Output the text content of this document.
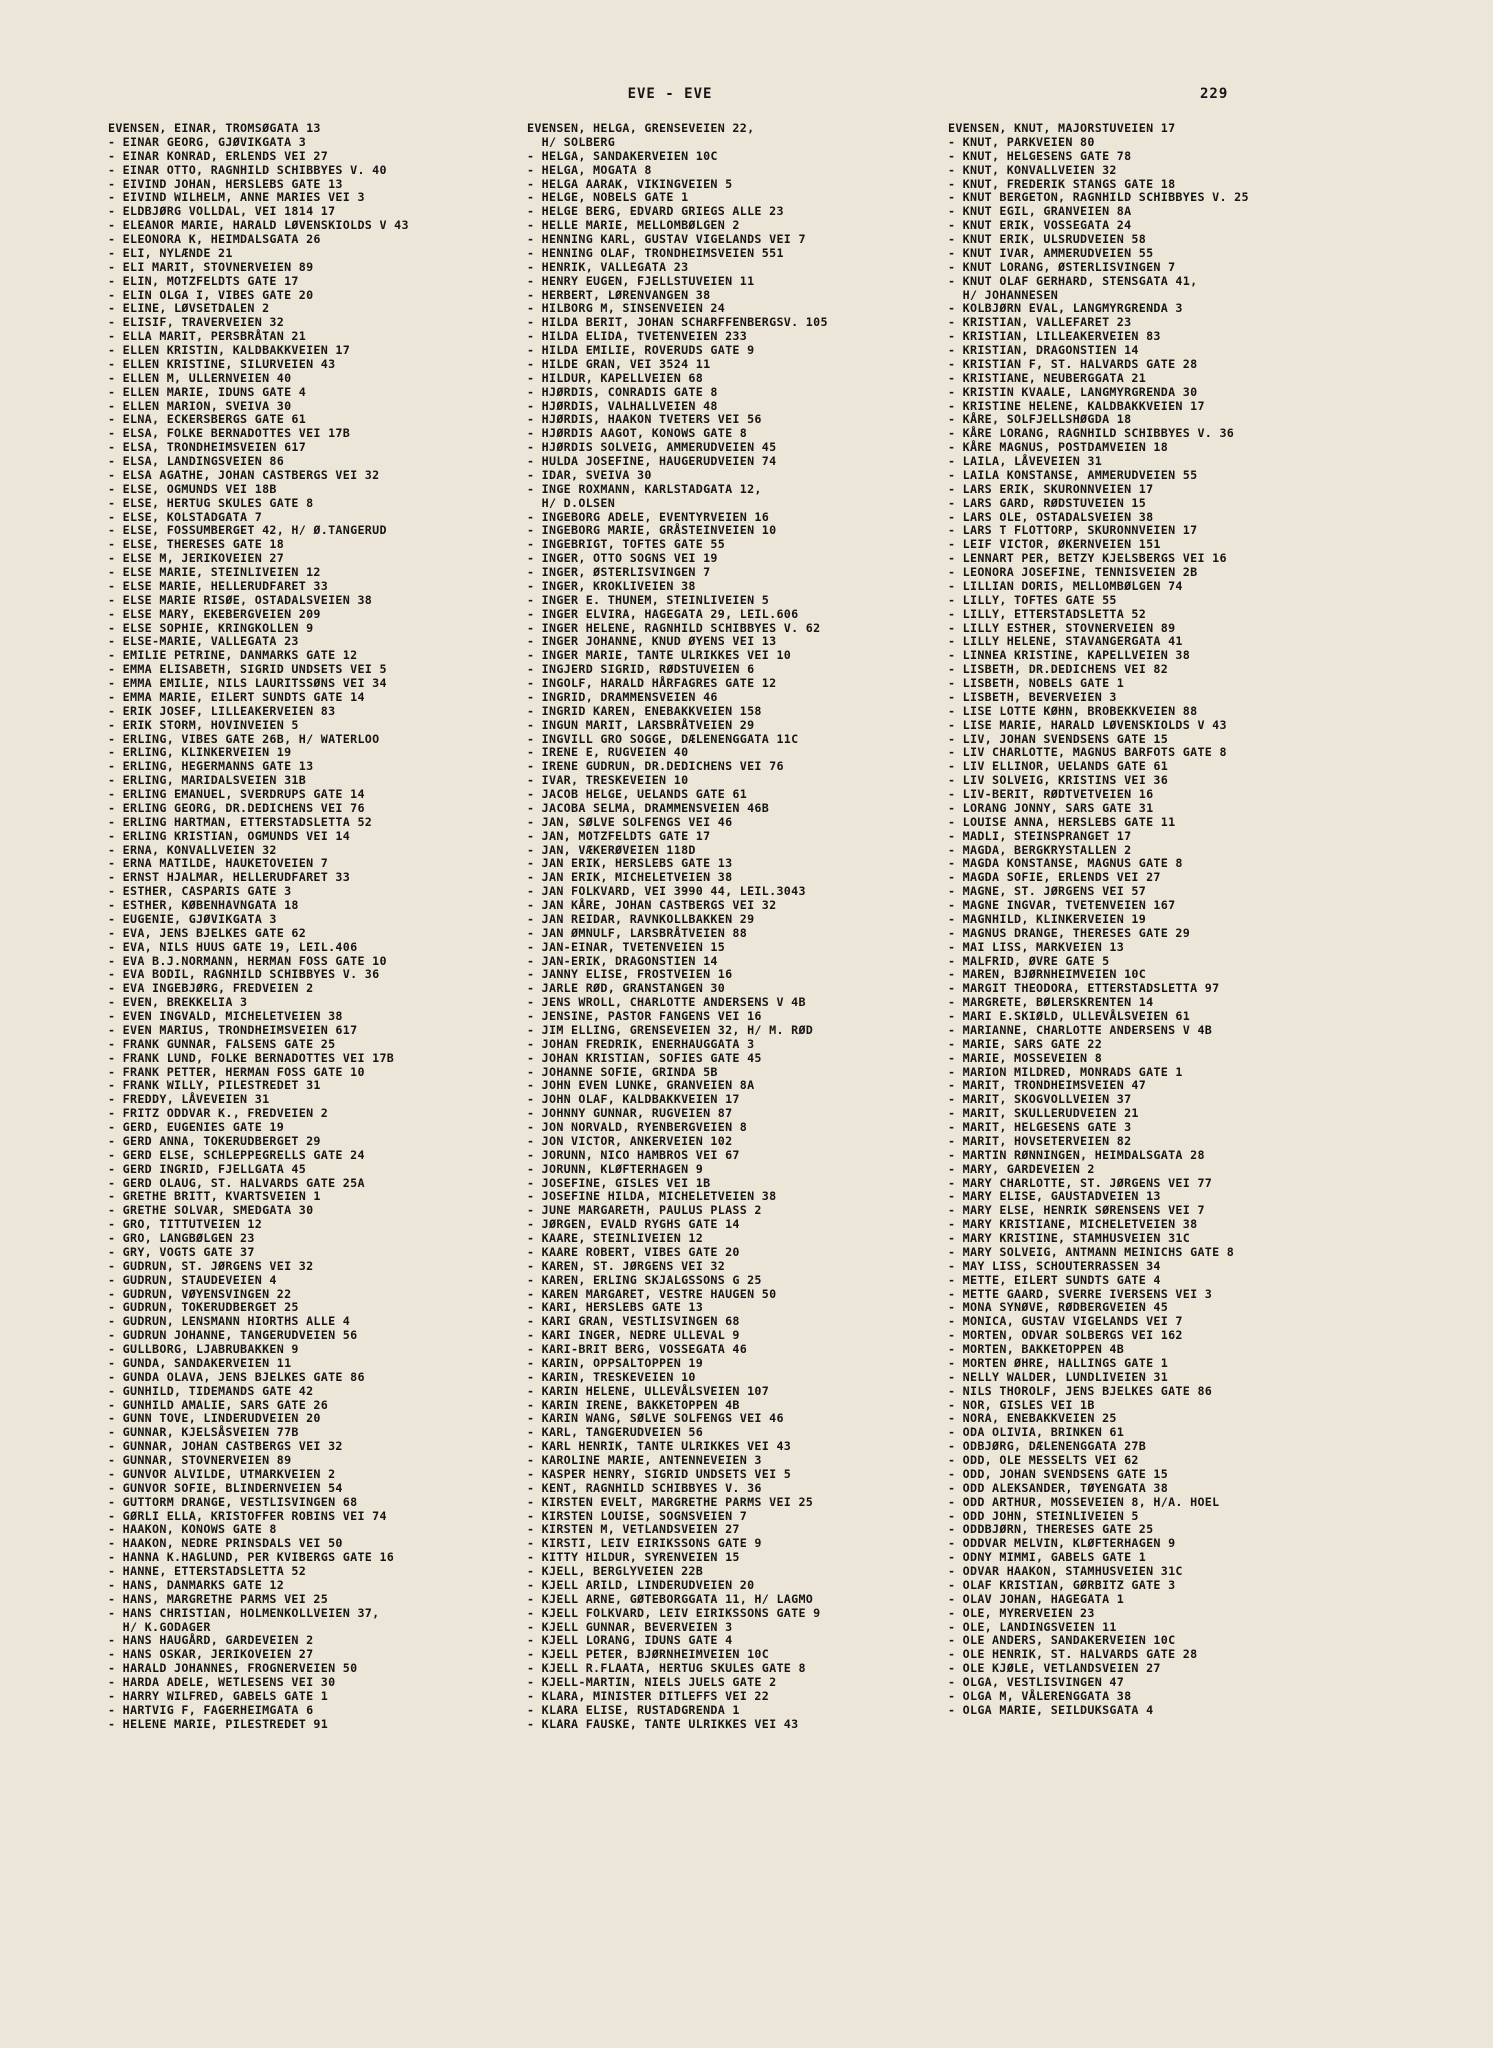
EVE - EVE	229
EVENSEN, EINAR, TROMSØGATA 13
- EINAR GEORG, GJØVIKGATA 3
- EINAR KONRAD, ERLENDS VEI 27
- EINAR OTTO, RAGNHILD SCHIBBYES V. 40
- EIVIND JOHAN, HERSLEBS GATE 13
- EIVIND WILHELM, ANNE MARIES VEI 3
- ELDBJØRG VOLLDAL, VEI 1814 17
- ELEANOR MARIE, HARALD LØVENSKIOLDS V 43
- ELEONORA K, HEIMDALSGATA 26
- ELI, NYLÆNDE 21
- ELI MARIT, STOVNERVEIEN 89
- ELIN, MOTZFELDTS GATE 17
- ELIN OLGA I, VIBES GATE 20
- ELINE, LØVSETDALEN 2
- ELISIF, TRAVERVEIEN 32
- ELLA MARIT, PERSBRÅTAN 21
- ELLEN KRISTIN, KALDBAKKVEIEN 17
- ELLEN KRISTINE, SILURVEIEN 43
- ELLEN M, ULLERNVEIEN 40
- ELLEN MARIE, IDUNS GATE 4
- ELLEN MARION, SVEIVA 30
- ELNA, ECKERSBERGS GATE 61
- ELSA, FOLKE BERNADOTTES VEI 17B
- ELSA, TRONDHEIMSVEIEN 617
- ELSA, LANDINGSVEIEN 86
- ELSA AGATHE, JOHAN CASTBERGS VEI 32
- ELSE, OGMUNDS VEI 18B
- ELSE, HERTUG SKULES GATE 8
- ELSE, KOLSTADGATA 7
- ELSE, FOSSUMBERGET 42, H/ Ø.TANGERUD
- ELSE, THERESES GATE 18
- ELSE M, JERIKOVEIEN 27
- ELSE MARIE, STEINLIVEIEN 12
- ELSE MARIE, HELLERUDFARET 33
- ELSE MARIE RISØE, OSTADALSVEIEN 38
- ELSE MARY, EKEBERGVEIEN 209
- ELSE SOPHIE, KRINGKOLLEN 9
- ELSE-MARIE, VALLEGATA 23
- EMILIE PETRINE, DANMARKS GATE 12
- EMMA ELISABETH, SIGRID UNDSETS VEI 5
- EMMA EMILIE, NILS LAURITSSØNS VEI 34
- EMMA MARIE, EILERT SUNDTS GATE 14
- ERIK JOSEF, LILLEAKERVEIEN 83
- ERIK STORM, HOVINVEIEN 5
- ERLING, VIBES GATE 26B, H/ WATERLOO
- ERLING, KLINKERVEIEN 19
- ERLING, HEGERMANNS GATE 13
- ERLING, MARIDALSVEIEN 31B
- ERLING EMANUEL, SVERDRUPS GATE 14
- ERLING GEORG, DR.DEDICHENS VEI 76
- ERLING HARTMAN, ETTERSTADSLETTA 52
- ERLING KRISTIAN, OGMUNDS VEI 14
- ERNA, KONVALLVEIEN 32
- ERNA MATILDE, HAUKETOVEIEN 7
- ERNST HJALMAR, HELLERUDFARET 33
- ESTHER, CASPARIS GATE 3
- ESTHER, KØBENHAVNGATA 18
- EUGENIE, GJØVIKGATA 3
- EVA, JENS BJELKES GATE 62
- EVA, NILS HUUS GATE 19, LEIL.406
- EVA B.J.NORMANN, HERMAN FOSS GATE 10
- EVA BODIL, RAGNHILD SCHIBBYES V. 36
- EVA INGEBJØRG, FREDVEIEN 2
- EVEN, BREKKELIA 3
- EVEN INGVALD, MICHELETVEIEN 38
- EVEN MARIUS, TRONDHEIMSVEIEN 617
- FRANK GUNNAR, FALSENS GATE 25
- FRANK LUND, FOLKE BERNADOTTES VEI 17B
- FRANK PETTER, HERMAN FOSS GATE 10
- FRANK WILLY, PILESTREDET 31
- FREDDY, LÅVEVEIEN 31
- FRITZ ODDVAR K., FREDVEIEN 2
- GERD, EUGENIES GATE 19
- GERD ANNA, TOKERUDBERGET 29
- GERD ELSE, SCHLEPPEGRELLS GATE 24
- GERD INGRID, FJELLGATA 45
- GERD OLAUG, ST. HALVARDS GATE 25A
- GRETHE BRITT, KVARTSVEIEN 1
- GRETHE SOLVAR, SMEDGATA 30
- GRO, TITTUTVEIEN 12
- GRO, LANGBØLGEN 23
- GRY, VOGTS GATE 37
- GUDRUN, ST. JØRGENS VEI 32
- GUDRUN, STAUDEVEIEN 4
- GUDRUN, VØYENSVINGEN 22
- GUDRUN, TOKERUDBERGET 25
- GUDRUN, LENSMANN HIORTHS ALLE 4
- GUDRUN JOHANNE, TANGERUDVEIEN 56
- GULLBORG, LJABRUBAKKEN 9
- GUNDA, SANDAKERVEIEN 11
- GUNDA OLAVA, JENS BJELKES GATE 86
- GUNHILD, TIDEMANDS GATE 42
- GUNHILD AMALIE, SARS GATE 26
- GUNN TOVE, LINDERUDVEIEN 20
- GUNNAR, KJELSÅSVEIEN 77B
- GUNNAR, JOHAN CASTBERGS VEI 32
- GUNNAR, STOVNERVEIEN 89
- GUNVOR ALVILDE, UTMARKVEIEN 2
- GUNVOR SOFIE, BLINDERNVEIEN 54
- GUTTORM DRANGE, VESTLISVINGEN 68
- GØRLI ELLA, KRISTOFFER ROBINS VEI 74
- HAAKON, KONOWS GATE 8
- HAAKON, NEDRE PRINSDALS VEI 50
- HANNA K.HAGLUND, PER KVIBERGS GATE 16
- HANNE, ETTERSTADSLETTA 52
- HANS, DANMARKS GATE 12
- HANS, MARGRETHE PARMS VEI 25
- HANS CHRISTIAN, HOLMENKOLLVEIEN 37,
H/ K.GODAGER
- HANS HAUGÅRD, GARDEVEIEN 2
- HANS OSKAR, JERIKOVEIEN 27
- HARALD JOHANNES, FROGNERVEIEN 50
- HARDA ADELE, WETLESENS VEI 30
- HARRY WILFRED, GABELS GATE 1
- HARTVIG F, FAGERHEIMGATA 6
- HELENE MARIE, PILESTREDET 91
EVENSEN, HELGA, GRENSEVEIEN 22,
H/ SOLBERG
- HELGA, SANDAKERVEIEN 10C
- HELGA, MOGATA 8
- HELGA AARAK, VIKINGVEIEN 5
- HELGE, NOBELS GATE 1
- HELGE BERG, EDVARD GRIEGS ALLE 23
- HELLE MARIE, MELLOMBØLGEN 2
- HENNING KARL, GUSTAV VIGELANDS VEI 7
- HENNING OLAF, TRONDHEIMSVEIEN 551
- HENRIK, VALLEGATA 23
- HENRY EUGEN, FJELLSTUVEIEN 11
- HERBERT, LØRENVANGEN 38
- HILBORG M, SINSENVEIEN 24
- HILDA BERIT, JOHAN SCHARFFENBERGSV. 105
- HILDA ELIDA, TVETENVEIEN 233
- HILDA EMILIE, ROVERUDS GATE 9
- HILDE GRAN, VEI 3524 11
- HILDUR, KAPELLVEIEN 68
- HJØRDIS, CONRADIS GATE 8
- HJØRDIS, VALHALLVEIEN 48
- HJØRDIS, HAAKON TVETERS VEI 56
- HJØRDIS AAGOT, KONOWS GATE 8
- HJØRDIS SOLVEIG, AMMERUDVEIEN 45
- HULDA JOSEFINE, HAUGERUDVEIEN 74
- IDAR, SVEIVA 30
- INGE ROXMANN, KARLSTADGATA 12,
H/ D.OLSEN
- INGEBORG ADELE, EVENTYRVEIEN 16
- INGEBORG MARIE, GRÅSTEINVEIEN 10
- INGEBRIGT, TOFTES GATE 55
- INGER, OTTO SOGNS VEI 19
- INGER, ØSTERLISVINGEN 7
- INGER, KROKLIVEIEN 38
- INGER E. THUNEM, STEINLIVEIEN 5
- INGER ELVIRA, HAGEGATA 29, LEIL.606
- INGER HELENE, RAGNHILD SCHIBBYES V. 62
- INGER JOHANNE, KNUD ØYENS VEI 13
- INGER MARIE, TANTE ULRIKKES VEI 10
- INGJERD SIGRID, RØDSTUVEIEN 6
- INGOLF, HARALD HÅRFAGRES GATE 12
- INGRID, DRAMMENSVEIEN 46
- INGRID KAREN, ENEBAKKVEIEN 158
- INGUN MARIT, LARSBRÅTVEIEN 29
- INGVILL GRO SOGGE, DÆLENENGGATA 11C
- IRENE E, RUGVEIEN 40
- IRENE GUDRUN, DR.DEDICHENS VEI 76
- IVAR, TRESKEVEIEN 10
- JACOB HELGE, UELANDS GATE 61
- JACOBA SELMA, DRAMMENSVEIEN 46B
- JAN, SØLVE SOLFENGS VEI 46
- JAN, MOTZFELDTS GATE 17
- JAN, VÆKERØVEIEN 118D
- JAN ERIK, HERSLEBS GATE 13
- JAN ERIK, MICHELETVEIEN 38
- JAN FOLKVARD, VEI 3990 44, LEIL.3043
- JAN KÅRE, JOHAN CASTBERGS VEI 32
- JAN REIDAR, RAVNKOLLBAKKEN 29
- JAN ØMNULF, LARSBRÅTVEIEN 88
- JAN-EINAR, TVETENVEIEN 15
- JAN-ERIK, DRAGONSTIEN 14
- JANNY ELISE, FROSTVEIEN 16
- JARLE RØD, GRANSTANGEN 30
- JENS WROLL, CHARLOTTE ANDERSENS V 4B
- JENSINE, PASTOR FANGENS VEI 16
- JIM ELLING, GRENSEVEIEN 32, H/ M. RØD
- JOHAN FREDRIK, ENERHAUGGATA 3
- JOHAN KRISTIAN, SOFIES GATE 45
- JOHANNE SOFIE, GRINDA 5B
- JOHN EVEN LUNKE, GRANVEIEN 8A
- JOHN OLAF, KALDBAKKVEIEN 17
- JOHNNY GUNNAR, RUGVEIEN 87
- JON NORVALD, RYENBERGVEIEN 8
- JON VICTOR, ANKERVEIEN 102
- JORUNN, NICO HAMBROS VEI 67
- JORUNN, KLØFTERHAGEN 9
- JOSEFINE, GISLES VEI 1B
- JOSEFINE HILDA, MICHELETVEIEN 38
- JUNE MARGARETH, PAULUS PLASS 2
- JØRGEN, EVALD RYGHS GATE 14
- KAARE, STEINLIVEIEN 12
- KAARE ROBERT, VIBES GATE 20
- KAREN, ST. JØRGENS VEI 32
- KAREN, ERLING SKJALGSSONS G 25
- KAREN MARGARET, VESTRE HAUGEN 50
- KARI, HERSLEBS GATE 13
- KARI GRAN, VESTLISVINGEN 68
- KARI INGER, NEDRE ULLEVAL 9
- KARI-BRIT BERG, VOSSEGATA 46
- KARIN, OPPSALTOPPEN 19
- KARIN, TRESKEVEIEN 10
- KARIN HELENE, ULLEVÅLSVEIEN 107
- KARIN IRENE, BAKKETOPPEN 4B
- KARIN WANG, SØLVE SOLFENGS VEI 46
- KARL, TANGERUDVEIEN 56
- KARL HENRIK, TANTE ULRIKKES VEI 43
- KAROLINE MARIE, ANTENNEVEIEN 3
- KASPER HENRY, SIGRID UNDSETS VEI 5
- KENT, RAGNHILD SCHIBBYES V. 36
- KIRSTEN EVELT, MARGRETHE PARMS VEI 25
- KIRSTEN LOUISE, SOGNSVEIEN 7
- KIRSTEN M, VETLANDSVEIEN 27
- KIRSTI, LEIV EIRIKSSONS GATE 9
- KITTY HILDUR, SYRENVEIEN 15
- KJELL, BERGLYVEIEN 22B
- KJELL ARILD, LINDERUDVEIEN 20
- KJELL ARNE, GØTEBORGGATA 11, H/ LAGMO
- KJELL FOLKVARD, LEIV EIRIKSSONS GATE 9
- KJELL GUNNAR, BEVERVEIEN 3
- KJELL LORANG, IDUNS GATE 4
- KJELL PETER, BJØRNHEIMVEIEN 10C
- KJELL R.FLAATA, HERTUG SKULES GATE 8
- KJELL-MARTIN, NIELS JUELS GATE 2
- KLARA, MINISTER DITLEFFS VEI 22
- KLARA ELISE, RUSTADGRENDA 1
- KLARA FAUSKE, TANTE ULRIKKES VEI 43
EVENSEN, KNUT, MAJORSTUVEIEN 17
- KNUT, PARKVEIEN 80
- KNUT, HELGESENS GATE 78
- KNUT, KONVALLVEIEN 32
- KNUT, FREDERIK STANGS GATE 18
- KNUT BERGETON, RAGNHILD SCHIBBYES V. 25
- KNUT EGIL, GRANVEIEN 8A
- KNUT ERIK, VOSSEGATA 24
- KNUT ERIK, ULSRUDVEIEN 58
- KNUT IVAR, AMMERUDVEIEN 55
- KNUT LORANG, ØSTERLISVINGEN 7
- KNUT OLAF GERHARD, STENSGATA 41,
H/ JOHANNESEN
- KOLBJØRN EVAL, LANGMYRGRENDA 3
- KRISTIAN, VALLEFARET 23
- KRISTIAN, LILLEAKERVEIEN 83
- KRISTIAN, DRAGONSTIEN 14
- KRISTIAN F, ST. HALVARDS GATE 28
- KRISTIANE, NEUBERGGATA 21
- KRISTIN KVAALE, LANGMYRGRENDA 30
- KRISTINE HELENE, KALDBAKKVEIEN 17
- KÅRE, SOLFJELLSHØGDA 18
- KÅRE LORANG, RAGNHILD SCHIBBYES V. 36
- KÅRE MAGNUS, POSTDAMVEIEN 18
- LAILA, LÅVEVEIEN 31
- LAILA KONSTANSE, AMMERUDVEIEN 55
- LARS ERIK, SKURONNVEIEN 17
- LARS GARD, RØDSTUVEIEN 15
- LARS OLE, OSTADALSVEIEN 38
- LARS T FLOTTORP, SKURONNVEIEN 17
- LEIF VICTOR, ØKERNVEIEN 151
- LENNART PER, BETZY KJELSBERGS VEI 16
- LEONORA JOSEFINE, TENNISVEIEN 2B
- LILLIAN DORIS, MELLOMBØLGEN 74
- LILLY, TOFTES GATE 55
- LILLY, ETTERSTADSLETTA 52
- LILLY ESTHER, STOVNERVEIEN 89
- LILLY HELENE, STAVANGERGATA 41
- LINNEA KRISTINE, KAPELLVEIEN 38
- LISBETH, DR.DEDICHENS VEI 82
- LISBETH, NOBELS GATE 1
- LISBETH, BEVERVEIEN 3
- LISE LOTTE KØHN, BROBEKKVEIEN 88
- LISE MARIE, HARALD LØVENSKIOLDS V 43
- LIV, JOHAN SVENDSENS GATE 15
- LIV CHARLOTTE, MAGNUS BARFOTS GATE 8
- LIV ELLINOR, UELANDS GATE 61
- LIV SOLVEIG, KRISTINS VEI 36
- LIV-BERIT, RØDTVETVEIEN 16
- LORANG JONNY, SARS GATE 31
- LOUISE ANNA, HERSLEBS GATE 11
- MADLI, STEINSPRANGET 17
- MAGDA, BERGKRYSTALLEN 2
- MAGDA KONSTANSE, MAGNUS GATE 8
- MAGDA SOFIE, ERLENDS VEI 27
- MAGNE, ST. JØRGENS VEI 57
- MAGNE INGVAR, TVETENVEIEN 167
- MAGNHILD, KLINKERVEIEN 19
- MAGNUS DRANGE, THERESES GATE 29
- MAI LISS, MARKVEIEN 13
- MALFRID, ØVRE GATE 5
- MAREN, BJØRNHEIMVEIEN 10C
- MARGIT THEODORA, ETTERSTADSLETTA 97
- MARGRETE, BØLERSKRENTEN 14
- MARI E.SKIØLD, ULLEVÅLSVEIEN 61
- MARIANNE, CHARLOTTE ANDERSENS V 4B
- MARIE, SARS GATE 22
- MARIE, MOSSEVEIEN 8
- MARION MILDRED, MONRADS GATE 1
- MARIT, TRONDHEIMSVEIEN 47
- MARIT, SKOGVOLLVEIEN 37
- MARIT, SKULLERUDVEIEN 21
- MARIT, HELGESENS GATE 3
- MARIT, HOVSETERVEIEN 82
- MARTIN RØNNINGEN, HEIMDALSGATA 28
- MARY, GARDEVEIEN 2
- MARY CHARLOTTE, ST. JØRGENS VEI 77
- MARY ELISE, GAUSTADVEIEN 13
- MARY ELSE, HENRIK SØRENSENS VEI 7
- MARY KRISTIANE, MICHELETVEIEN 38
- MARY KRISTINE, STAMHUSVEIEN 31C
- MARY SOLVEIG, ANTMANN MEINICHS GATE 8
- MAY LISS, SCHOUTERRASSEN 34
- METTE, EILERT SUNDTS GATE 4
- METTE GAARD, SVERRE IVERSENS VEI 3
- MONA SYNØVE, RØDBERGVEIEN 45
- MONICA, GUSTAV VIGELANDS VEI 7
- MORTEN, ODVAR SOLBERGS VEI 162
- MORTEN, BAKKETOPPEN 4B
- MORTEN ØHRE, HALLINGS GATE 1
- NELLY WALDER, LUNDLIVEIEN 31
- NILS THOROLF, JENS BJELKES GATE 86
- NOR, GISLES VEI 1B
- NORA, ENEBAKKVEIEN 25
- ODA OLIVIA, BRINKEN 61
- ODBJØRG, DÆLENENGGATA 27B
- ODD, OLE MESSELTS VEI 62
- ODD, JOHAN SVENDSENS GATE 15
- ODD ALEKSANDER, TØYENGATA 38
- ODD ARTHUR, MOSSEVEIEN 8, H/A. HOEL
- ODD JOHN, STEINLIVEIEN 5
- ODDBJØRN, THERESES GATE 25
- ODDVAR MELVIN, KLØFTERHAGEN 9
- ODNY MIMMI, GABELS GATE 1
- ODVAR HAAKON, STAMHUSVEIEN 31C
- OLAF KRISTIAN, GØRBITZ GATE 3
- OLAV JOHAN, HAGEGATA 1
- OLE, MYRERVEIEN 23
- OLE, LANDINGSVEIEN 11
- OLE ANDERS, SANDAKERVEIEN 10C
- OLE HENRIK, ST. HALVARDS GATE 28
- OLE KJØLE, VETLANDSVEIEN 27
- OLGA, VESTLISVINGEN 47
- OLGA M, VÅLERENGGATA 38
- OLGA MARIE, SEILDUKSGATA 4
